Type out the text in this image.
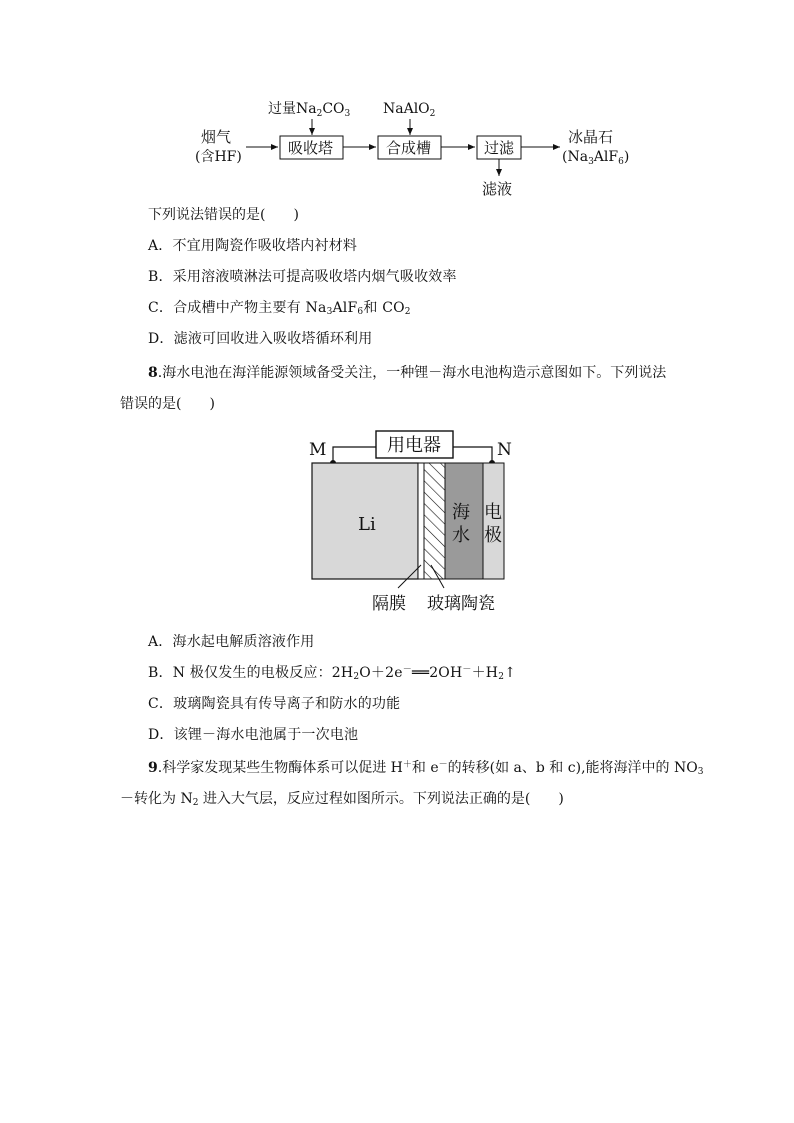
过量$Na_2CO_3$ NaAlO$_2$
烟气
(含HF)	吸收塔	合成槽	过滤
滤液
冰晶石
$(Na_3AlF_6)$
下列说法错误的是(　　)
A．不宜用陶瓷作吸收塔内衬材料
B．采用溶液喷淋法可提高吸收塔内烟气吸收效率
C．合成槽中产物主要有 $Na_3AlF_6$和 $CO_2$
D．滤液可回收进入吸收塔循环利用
8.海水电池在海洋能源领域备受关注，一种锂－海水电池构造示意图如下。下列说法
错误的是(　　)
用电器
M	N
Li
海
水
电
极
隔膜 玻璃陶瓷
A．海水起电解质溶液作用
B．N 极仅发生的电极反应：$2H_2O+2e^-══2OH^-+H_2↑$
C．玻璃陶瓷具有传导离子和防水的功能
D．该锂－海水电池属于一次电池
9.科学家发现某些生物酶体系可以促进 H＋和 e－的转移(如 a、b 和 c),能将海洋中的 $NO_3$
－转化为 $N_2$ 进入大气层，反应过程如图所示。下列说法正确的是(　　)
